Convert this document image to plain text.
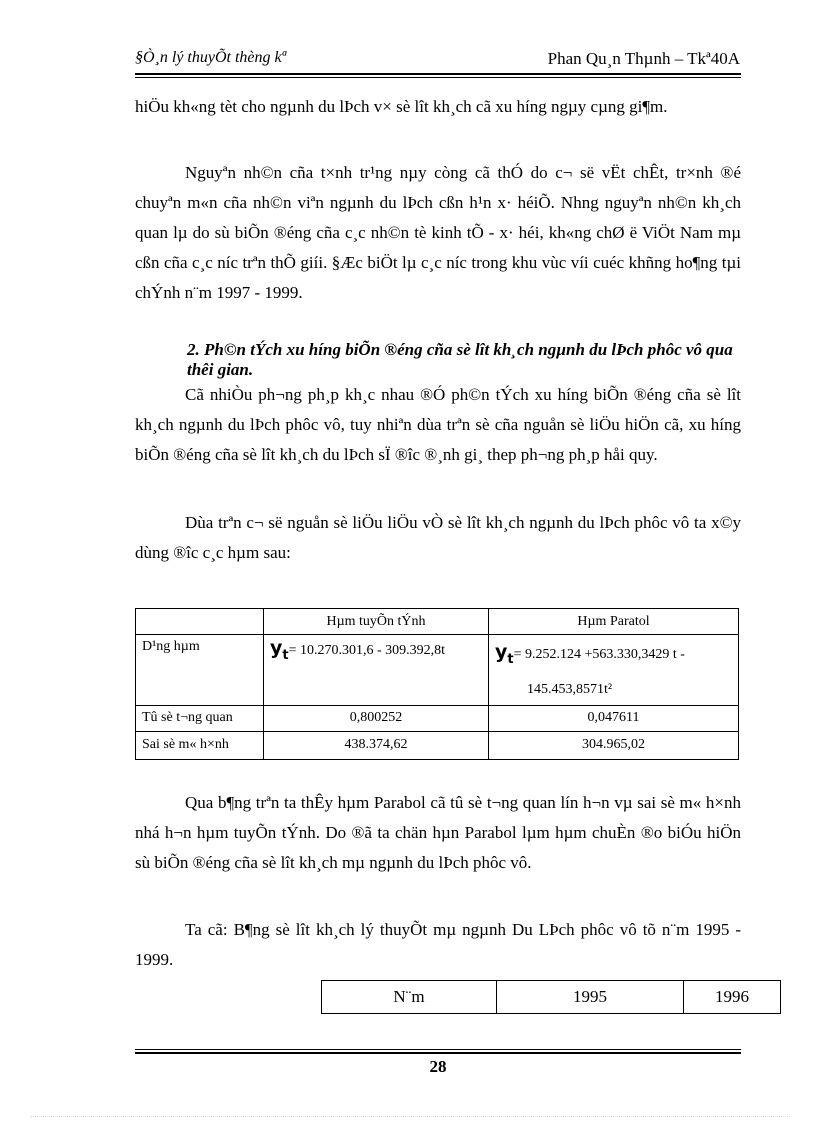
§Ò¸n lý thuyÕt thèng kª	Phan Qu¸n Thµnh – Tkª40A

hiÖu kh«ng tèt cho ngµnh du lÞch v× sè lît kh¸ch cã xu híng ngµy cµng gi¶m.

Nguyªn nh©n cña t×nh tr¹ng nµy còng cã thÓ do c¬ së vËt chÊt, tr×nh ®é chuyªn m«n cña nh©n viªn ngµnh du lÞch cßn h¹n x· héiÕ. Nhng nguyªn nh©n kh¸ch quan lµ do sù biÕn ®éng cña c¸c nh©n tè kinh tÕ - x· héi, kh«ng chØ ë ViÖt Nam mµ cßn cña c¸c níc trªn thÕ giíi. §Æc biÖt lµ c¸c níc trong khu vùc víi cuéc khñng ho¶ng tµi chÝnh n¨m 1997 - 1999.

2. Ph©n tÝch xu híng biÕn ®éng cña sè lît kh¸ch ngµnh du lÞch phôc vô qua thêi gian.

Cã nhiÒu ph¬ng ph¸p kh¸c nhau ®Ó ph©n tÝch xu híng biÕn ®éng cña sè lît kh¸ch ngµnh du lÞch phôc vô, tuy nhiªn dùa trªn sè cña nguån sè liÖu hiÖn cã, xu híng biÕn ®éng cña sè lît kh¸ch du lÞch sÏ ®îc ®¸nh gi¸ thep ph¬ng ph¸p håi quy.

Dùa trªn c¬ së nguån sè liÖu liÖu vÒ sè lît kh¸ch ngµnh du lÞch phôc vô ta x©y dùng ®îc c¸c hµm sau:

	Hµm tuyÕn tÝnh	Hµm Paratol
D¹ng hµm	$y_t= 10.270.301,6 - 309.392,8t$	$y_t= 9.252.124 +563.330,3429$ t -
145.453,8571t²
Tû sè t¬ng quan	0,800252	0,047611
Sai sè m« h×nh	438.374,62	304.965,02

Qua b¶ng trªn ta thÊy hµm Parabol cã tû sè t¬ng quan lín h¬n vµ sai sè m« h×nh nhá h¬n hµm tuyÕn tÝnh. Do ®ã ta chän hµn Parabol lµm hµm chuÈn ®o biÓu hiÖn sù biÕn ®éng cña sè lît kh¸ch mµ ngµnh du lÞch phôc vô.

Ta cã: B¶ng sè lît kh¸ch lý thuyÕt mµ ngµnh Du LÞch phôc vô tõ n¨m 1995 - 1999.

N¨m	1995	1996
28
